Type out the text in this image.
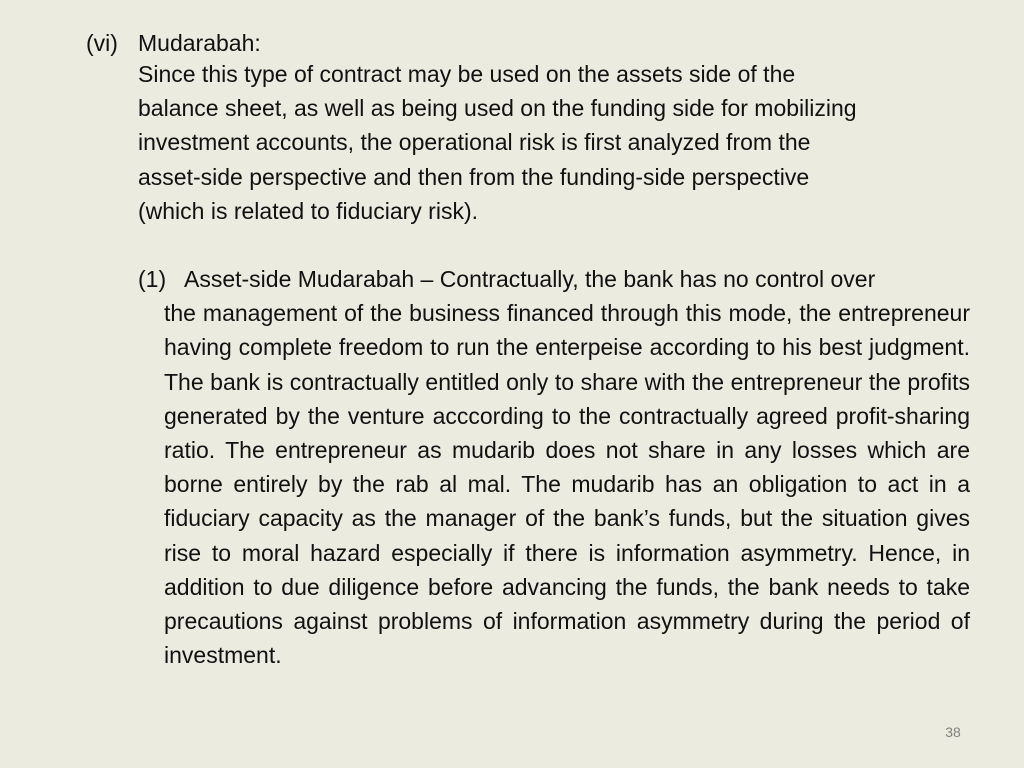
(vi) Mudarabah:
Since this type of contract may be used on the assets side of the
balance sheet, as well as being used on the funding side for mobilizing
investment accounts, the operational risk is first analyzed from the
asset-side perspective and then from the funding-side perspective
(which is related to fiduciary risk).
(1) Asset-side Mudarabah – Contractually, the bank has no control over
the management of the business financed through this mode, the entrepreneur having complete freedom to run the enterpeise according to his best judgment. The bank is contractually entitled only to share with the entrepreneur the profits generated by the venture acccording to the contractually agreed profit-sharing ratio. The entrepreneur as mudarib does not share in any losses which are borne entirely by the rab al mal. The mudarib has an obligation to act in a fiduciary capacity as the manager of the bank’s funds, but the situation gives rise to moral hazard especially if there is information asymmetry. Hence, in addition to due diligence before advancing the funds, the bank needs to take precautions against problems of information asymmetry during the period of investment.
38
